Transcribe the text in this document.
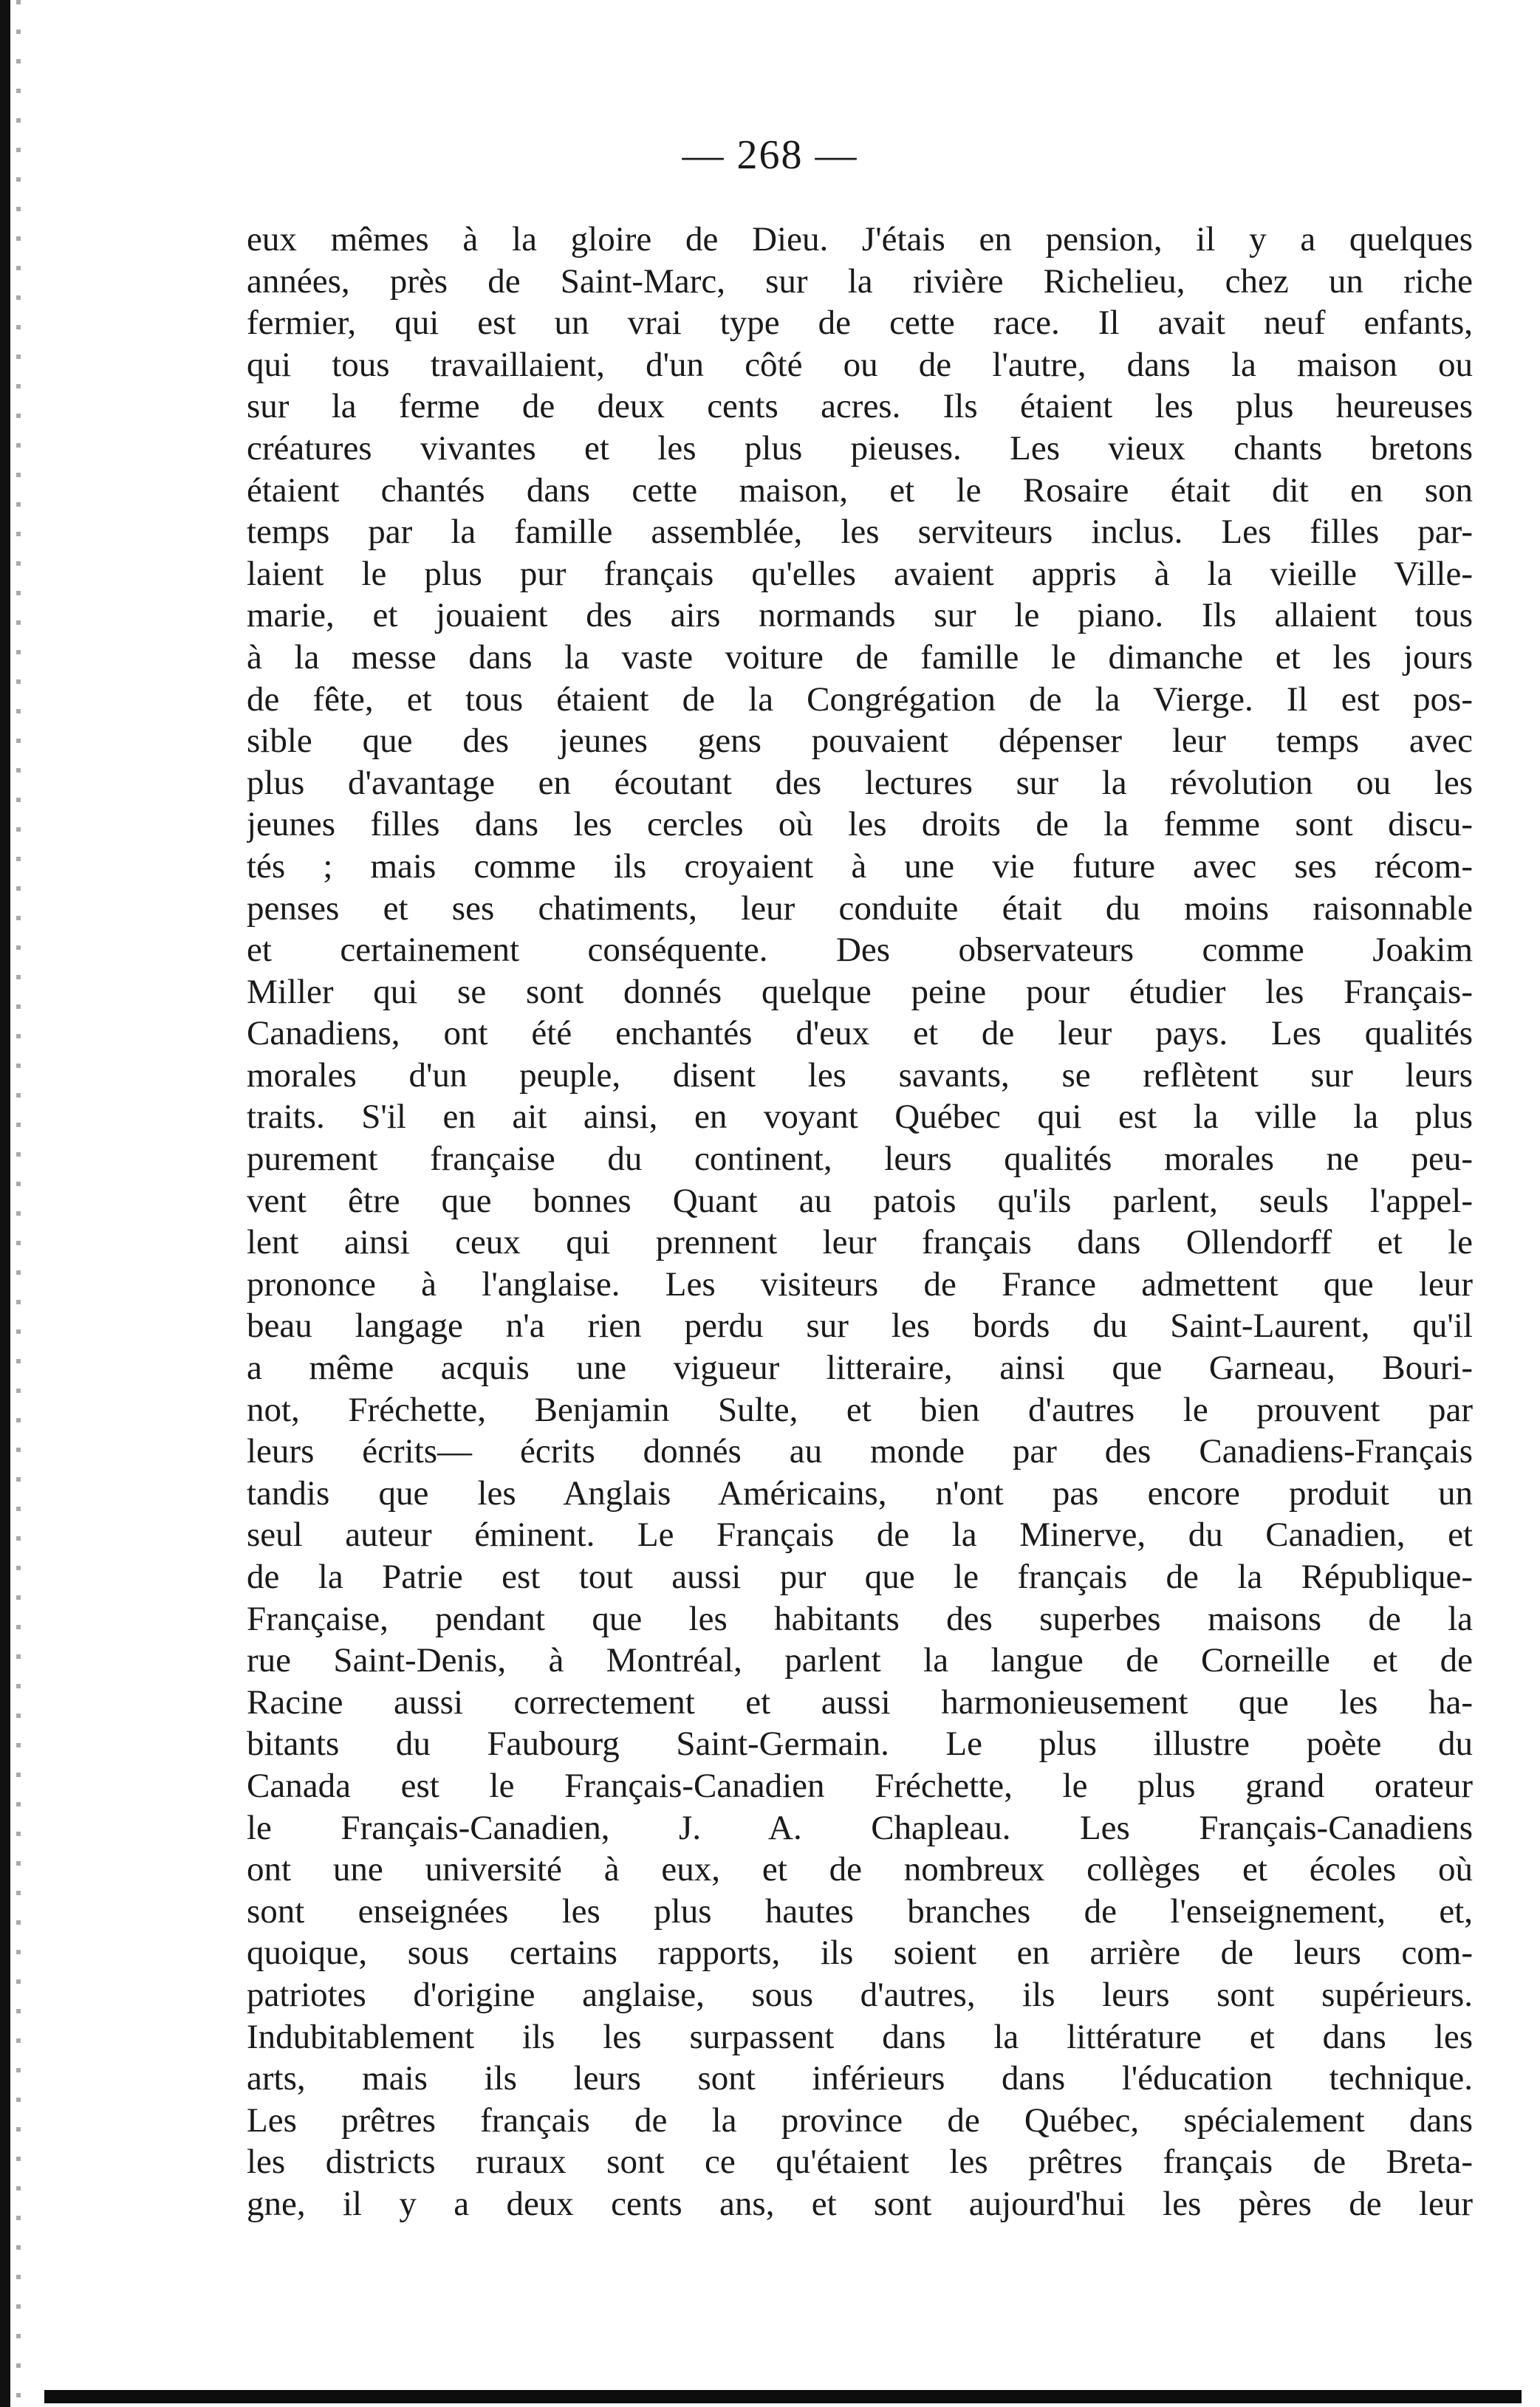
— 268 —
eux mêmes à la gloire de Dieu. J'étais en pension, il y a quelques
années, près de Saint-Marc, sur la rivière Richelieu, chez un riche
fermier, qui est un vrai type de cette race. Il avait neuf enfants,
qui tous travaillaient, d'un côté ou de l'autre, dans la maison ou
sur la ferme de deux cents acres. Ils étaient les plus heureuses
créatures vivantes et les plus pieuses. Les vieux chants bretons
étaient chantés dans cette maison, et le Rosaire était dit en son
temps par la famille assemblée, les serviteurs inclus. Les filles par-
laient le plus pur français qu'elles avaient appris à la vieille Ville-
marie, et jouaient des airs normands sur le piano. Ils allaient tous
à la messe dans la vaste voiture de famille le dimanche et les jours
de fête, et tous étaient de la Congrégation de la Vierge. Il est pos-
sible que des jeunes gens pouvaient dépenser leur temps avec
plus d'avantage en écoutant des lectures sur la révolution ou les
jeunes filles dans les cercles où les droits de la femme sont discu-
tés ; mais comme ils croyaient à une vie future avec ses récom-
penses et ses chatiments, leur conduite était du moins raisonnable
et certainement conséquente. Des observateurs comme Joakim
Miller qui se sont donnés quelque peine pour étudier les Français-
Canadiens, ont été enchantés d'eux et de leur pays. Les qualités
morales d'un peuple, disent les savants, se reflètent sur leurs
traits. S'il en ait ainsi, en voyant Québec qui est la ville la plus
purement française du continent, leurs qualités morales ne peu-
vent être que bonnes Quant au patois qu'ils parlent, seuls l'appel-
lent ainsi ceux qui prennent leur français dans Ollendorff et le
prononce à l'anglaise. Les visiteurs de France admettent que leur
beau langage n'a rien perdu sur les bords du Saint-Laurent, qu'il
a même acquis une vigueur litteraire, ainsi que Garneau, Bouri-
not, Fréchette, Benjamin Sulte, et bien d'autres le prouvent par
leurs écrits— écrits donnés au monde par des Canadiens-Français
tandis que les Anglais Américains, n'ont pas encore produit un
seul auteur éminent. Le Français de la Minerve, du Canadien, et
de la Patrie est tout aussi pur que le français de la République-
Française, pendant que les habitants des superbes maisons de la
rue Saint-Denis, à Montréal, parlent la langue de Corneille et de
Racine aussi correctement et aussi harmonieusement que les ha-
bitants du Faubourg Saint-Germain. Le plus illustre poète du
Canada est le Français-Canadien Fréchette, le plus grand orateur
le Français-Canadien, J. A. Chapleau. Les Français-Canadiens
ont une université à eux, et de nombreux collèges et écoles où
sont enseignées les plus hautes branches de l'enseignement, et,
quoique, sous certains rapports, ils soient en arrière de leurs com-
patriotes d'origine anglaise, sous d'autres, ils leurs sont supérieurs.
Indubitablement ils les surpassent dans la littérature et dans les
arts, mais ils leurs sont inférieurs dans l'éducation technique.
Les prêtres français de la province de Québec, spécialement dans
les districts ruraux sont ce qu'étaient les prêtres français de Breta-
gne, il y a deux cents ans, et sont aujourd'hui les pères de leur
